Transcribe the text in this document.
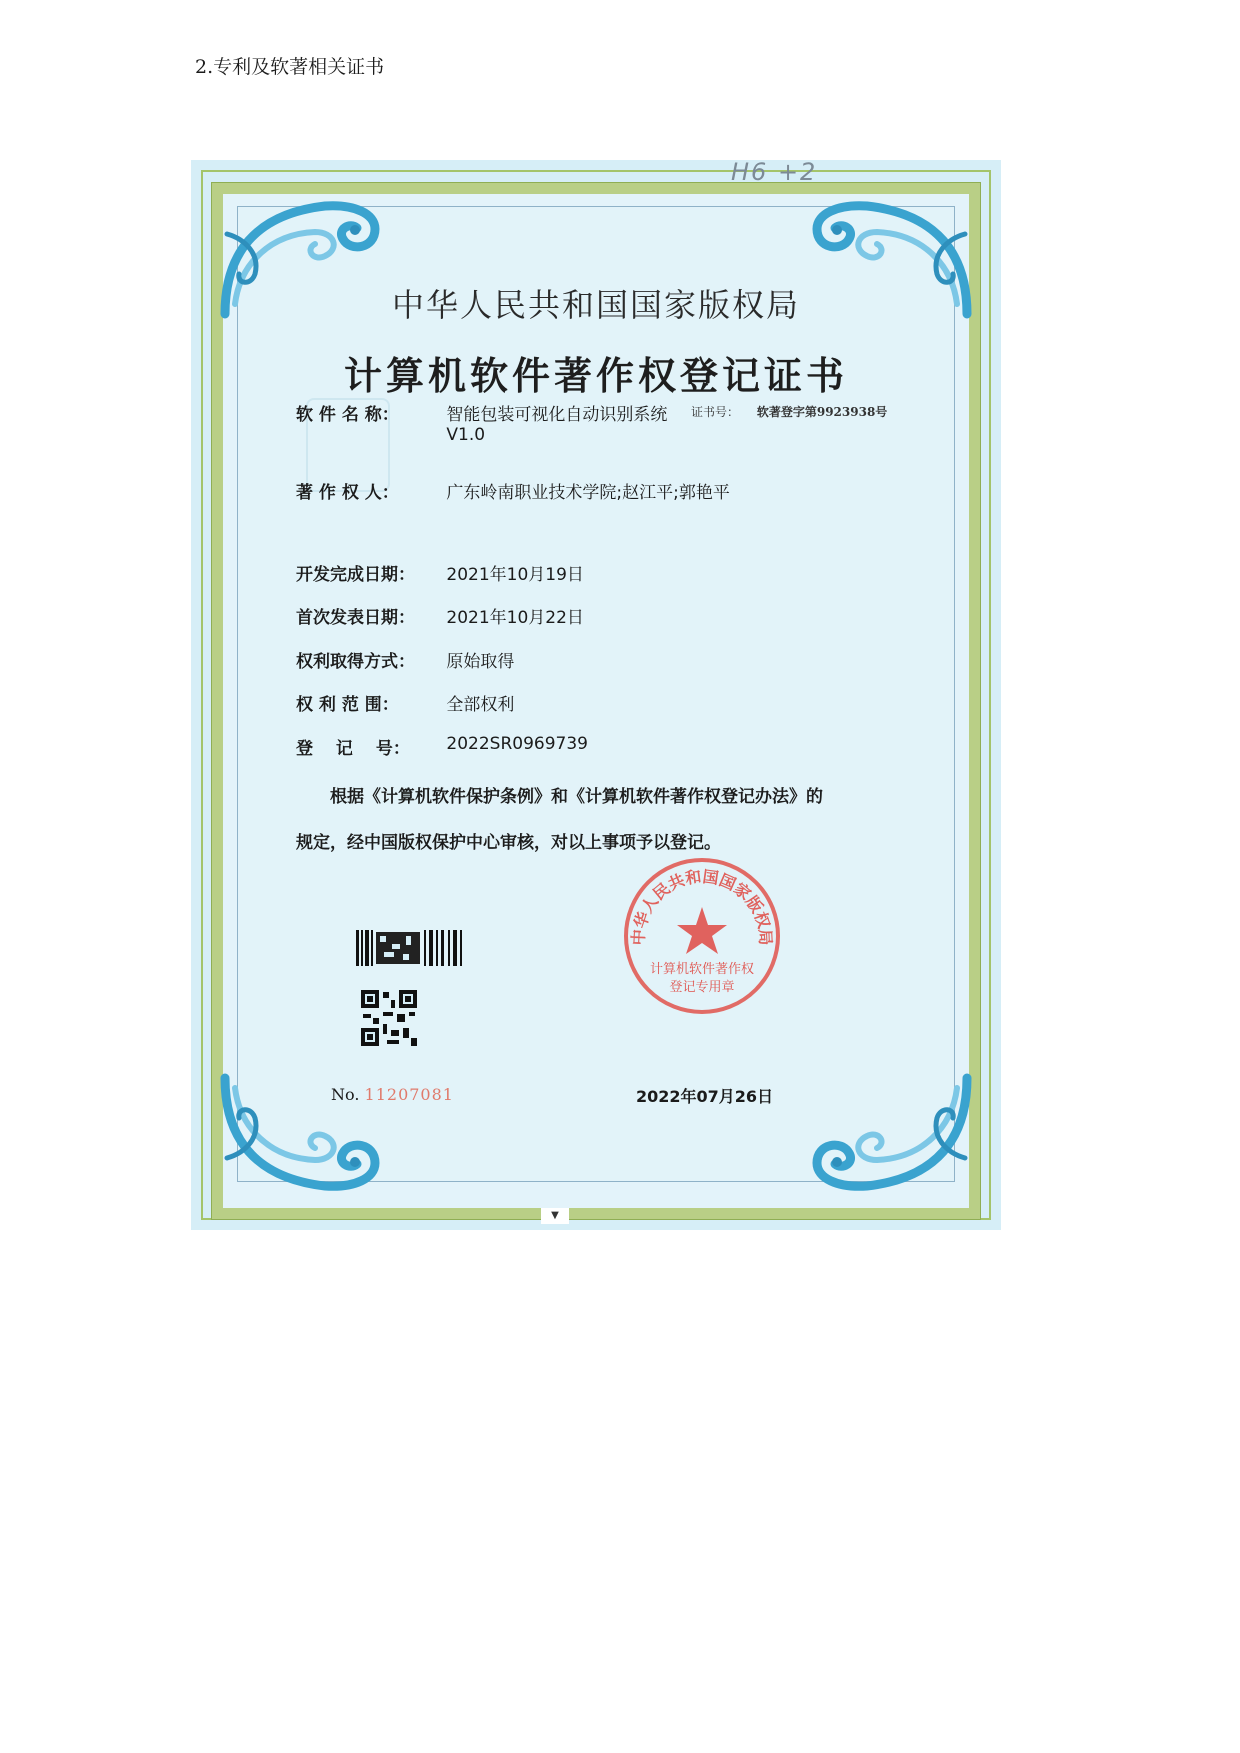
2.专利及软著相关证书
H6 +2
中华人民共和国国家版权局
计算机软件著作权登记证书
证书号： 软著登字第9923938号
软 件 名 称：	智能包装可视化自动识别系统
V1.0
著 作 权 人：	广东岭南职业技术学院;赵江平;郭艳平
开发完成日期： 2021年10月19日
首次发表日期： 2021年10月22日
权利取得方式： 原始取得
权 利 范 围：	全部权利
登　 记　 号： 2022SR0969739
根据《计算机软件保护条例》和《计算机软件著作权登记办法》的
规定，经中国版权保护中心审核，对以上事项予以登记。
No. 11207081
中华人民共和国国家版权局
计算机软件著作权
登记专用章
2022年07月26日
▼
